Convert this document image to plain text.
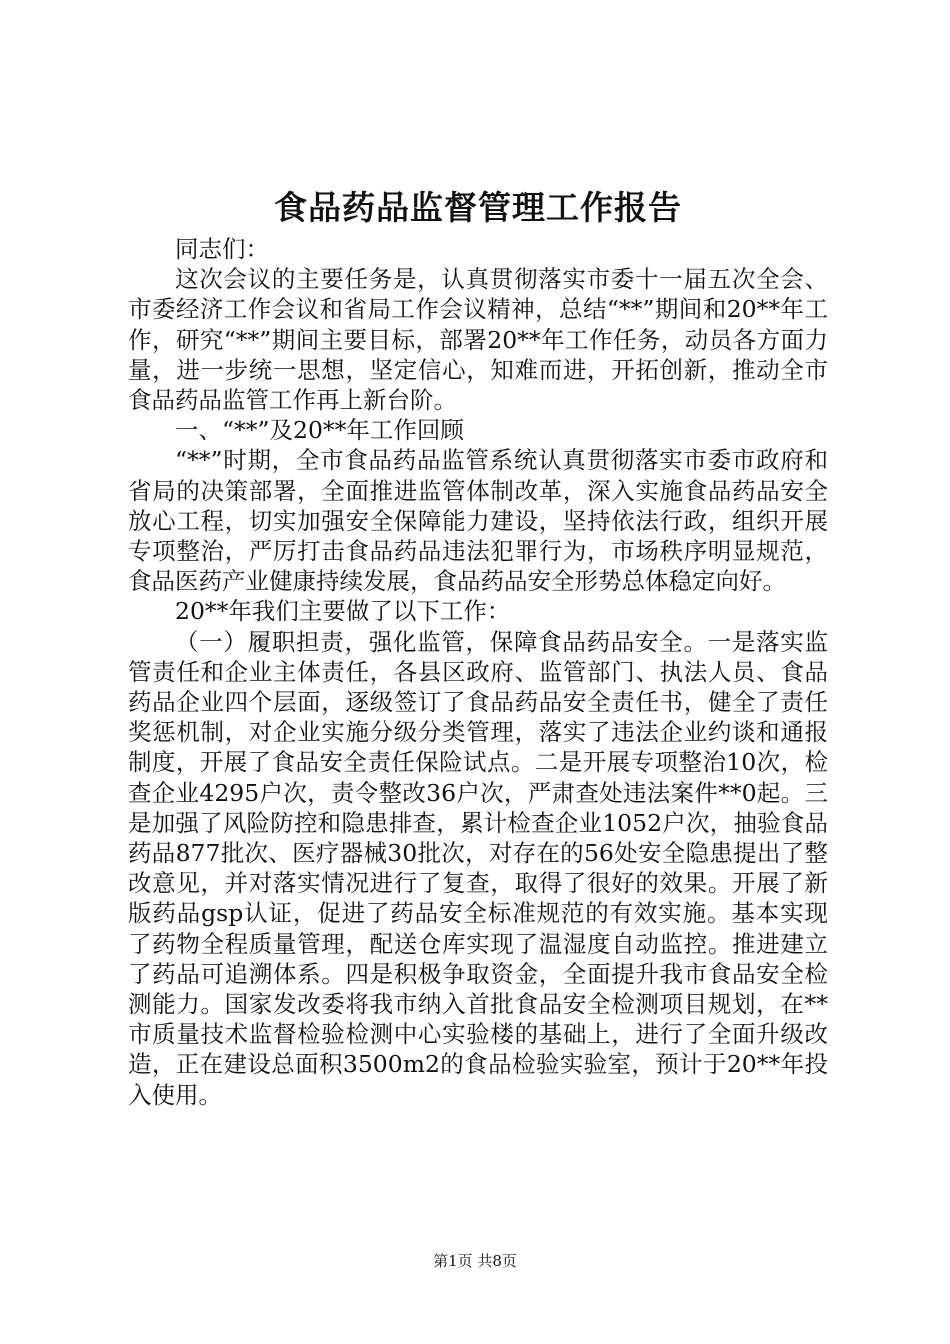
食品药品监督管理工作报告

同志们：

这次会议的主要任务是，认真贯彻落实市委十一届五次全会、市委经济工作会议和省局工作会议精神，总结“**”期间和20**年工作，研究“**”期间主要目标，部署20**年工作任务，动员各方面力量，进一步统一思想，坚定信心，知难而进，开拓创新，推动全市食品药品监管工作再上新台阶。

一、“**”及20**年工作回顾

“**”时期，全市食品药品监管系统认真贯彻落实市委市政府和省局的决策部署，全面推进监管体制改革，深入实施食品药品安全放心工程，切实加强安全保障能力建设，坚持依法行政，组织开展专项整治，严厉打击食品药品违法犯罪行为，市场秩序明显规范，食品医药产业健康持续发展，食品药品安全形势总体稳定向好。

20**年我们主要做了以下工作：

（一）履职担责，强化监管，保障食品药品安全。一是落实监管责任和企业主体责任，各县区政府、监管部门、执法人员、食品药品企业四个层面，逐级签订了食品药品安全责任书，健全了责任奖惩机制，对企业实施分级分类管理，落实了违法企业约谈和通报制度，开展了食品安全责任保险试点。二是开展专项整治10次，检查企业4295户次，责令整改36户次，严肃查处违法案件**0起。三是加强了风险防控和隐患排查，累计检查企业1052户次，抽验食品药品877批次、医疗器械30批次，对存在的56处安全隐患提出了整改意见，并对落实情况进行了复查，取得了很好的效果。开展了新版药品gsp认证，促进了药品安全标准规范的有效实施。基本实现了药物全程质量管理，配送仓库实现了温湿度自动监控。推进建立了药品可追溯体系。四是积极争取资金，全面提升我市食品安全检测能力。国家发改委将我市纳入首批食品安全检测项目规划，在**市质量技术监督检验检测中心实验楼的基础上，进行了全面升级改造，正在建设总面积3500m2的食品检验实验室，预计于20**年投入使用。

第1页 共8页
